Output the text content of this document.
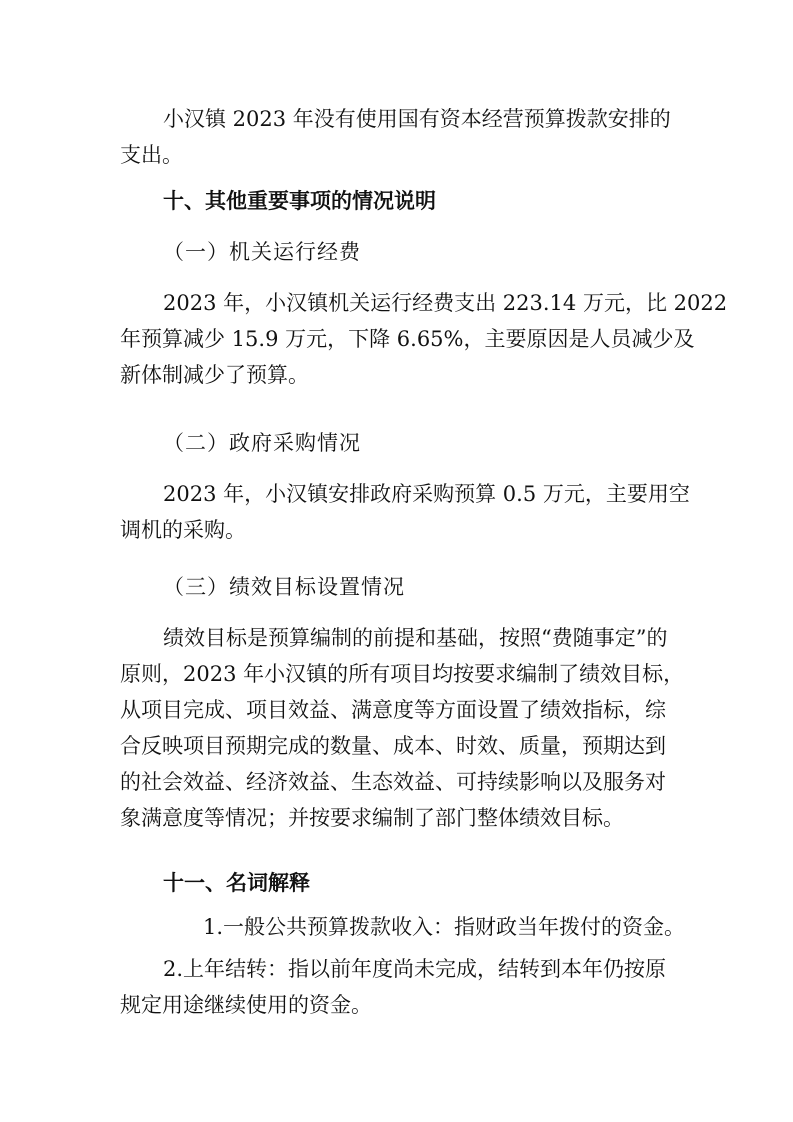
小汉镇 2023 年没有使用国有资本经营预算拨款安排的
支出。
十、其他重要事项的情况说明
（一）机关运行经费
2023 年，小汉镇机关运行经费支出 223.14 万元，比 2022
年预算减少 15.9 万元，下降 6.65%，主要原因是人员减少及
新体制减少了预算。
（二）政府采购情况
2023 年，小汉镇安排政府采购预算 0.5 万元，主要用空
调机的采购。
（三）绩效目标设置情况
绩效目标是预算编制的前提和基础，按照“费随事定”的
原则，2023 年小汉镇的所有项目均按要求编制了绩效目标，
从项目完成、项目效益、满意度等方面设置了绩效指标，综
合反映项目预期完成的数量、成本、时效、质量，预期达到
的社会效益、经济效益、生态效益、可持续影响以及服务对
象满意度等情况；并按要求编制了部门整体绩效目标。
十一、名词解释
1.一般公共预算拨款收入：指财政当年拨付的资金。
2.上年结转：指以前年度尚未完成，结转到本年仍按原
规定用途继续使用的资金。
